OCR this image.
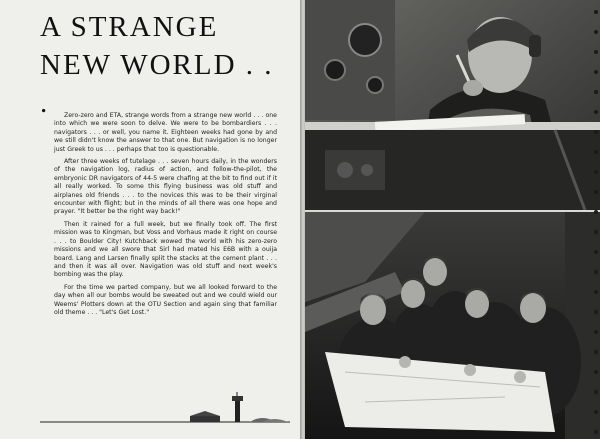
A STRANGE NEW WORLD . . .	Zero-zero and ETA, strange words from a strange new world . . . one into which we were soon to delve. We were to be bombardiers . . . navigators . . . or well, you name it. Eighteen weeks had gone by and we still didn't know the answer to that one. But navigation is no longer just Greek to us . . . perhaps that too is questionable.

After three weeks of tutelage . . . seven hours daily, in the wonders of the navigation log, radius of action, and follow-the-pilot, the embryonic DR navigators of 44-5 were chafing at the bit to find out if it all really worked. To some this flying business was old stuff and airplanes old friends . . . to the novices this was to be their virginal encounter with flight; but in the minds of all there was one hope and prayer. "It better be the right way back!"

Then it rained for a full week, but we finally took off. The first mission was to Kingman, but Voss and Vorhaus made it right on course . . . to Boulder City! Kutchback wowed the world with his zero-zero missions and we all swore that Sirl had mated his E6B with a ouija board. Lang and Larsen finally split the stacks at the cement plant . . . and then it was all over. Navigation was old stuff and next week's bombing was the play.

For the time we parted company, but we all looked forward to the day when all our bombs would be sweated out and we could wield our Weems' Plotters down at the OTU Section and again sing that familiar old theme . . . "Let's Get Lost."
